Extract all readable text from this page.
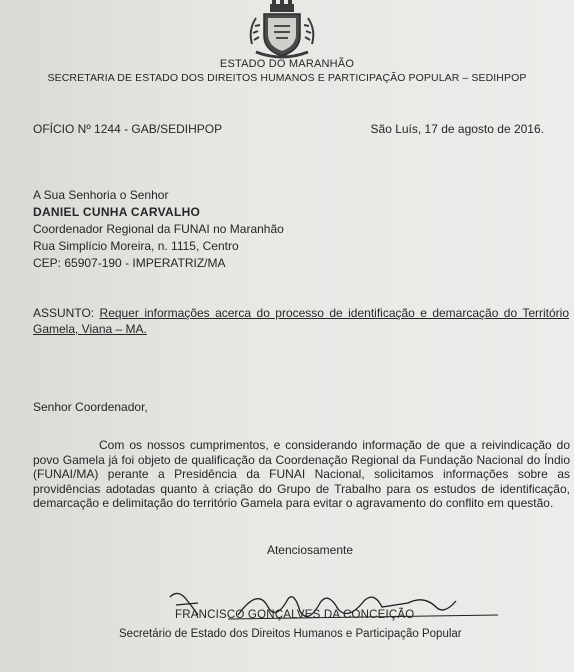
ESTADO DO MARANHÃO
SECRETARIA DE ESTADO DOS DIREITOS HUMANOS E PARTICIPAÇÃO POPULAR – SEDIHPOP
OFÍCIO Nº 1244 - GAB/SEDIHPOP	São Luís, 17 de agosto de 2016.
A Sua Senhoria o Senhor
DANIEL CUNHA CARVALHO
Coordenador Regional da FUNAI no Maranhão
Rua Simplício Moreira, n. 1115, Centro
CEP: 65907-190 - IMPERATRIZ/MA
ASSUNTO: Requer informações acerca do processo de identificação e demarcação do Território Gamela, Viana – MA.
Senhor Coordenador,
Com os nossos cumprimentos, e considerando informação de que a reivindicação do povo Gamela já foi objeto de qualificação da Coordenação Regional da Fundação Nacional do Índio (FUNAI/MA) perante a Presidência da FUNAI Nacional, solicitamos informações sobre as providências adotadas quanto à criação do Grupo de Trabalho para os estudos de identificação, demarcação e delimitação do território Gamela para evitar o agravamento do conflito em questão.
Atenciosamente
FRANCISCO GONÇALVES DA CONCEIÇÃO
Secretário de Estado dos Direitos Humanos e Participação Popular
